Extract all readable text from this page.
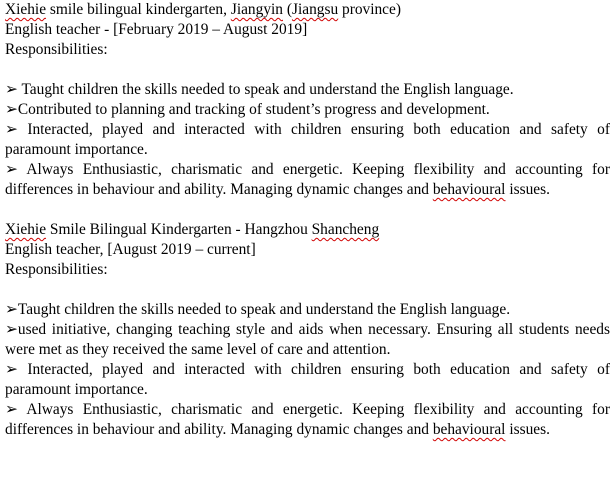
Xiehie smile bilingual kindergarten, Jiangyin (Jiangsu province)
English teacher - [February 2019 – August 2019]
Responsibilities:
➢ Taught children the skills needed to speak and understand the English language.
➢Contributed to planning and tracking of student’s progress and development.
➢ Interacted, played and interacted with children ensuring both education and safety of paramount importance.
➢ Always Enthusiastic, charismatic and energetic. Keeping flexibility and accounting for differences in behaviour and ability. Managing dynamic changes and behavioural issues.
Xiehie Smile Bilingual Kindergarten - Hangzhou Shancheng
English teacher, [August 2019 – current]
Responsibilities:
➢Taught children the skills needed to speak and understand the English language.
➢used initiative, changing teaching style and aids when necessary. Ensuring all students needs were met as they received the same level of care and attention.
➢ Interacted, played and interacted with children ensuring both education and safety of paramount importance.
➢ Always Enthusiastic, charismatic and energetic. Keeping flexibility and accounting for differences in behaviour and ability. Managing dynamic changes and behavioural issues.
